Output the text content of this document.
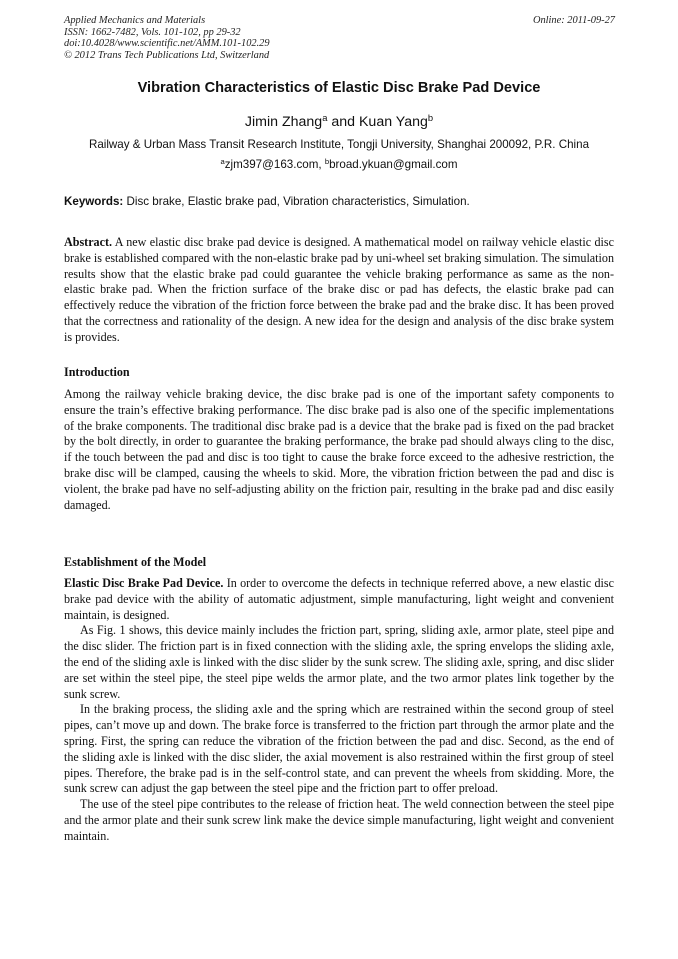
Applied Mechanics and Materials
ISSN: 1662-7482, Vols. 101-102, pp 29-32
doi:10.4028/www.scientific.net/AMM.101-102.29
© 2012 Trans Tech Publications Ltd, Switzerland
Online: 2011-09-27
Vibration Characteristics of Elastic Disc Brake Pad Device
Jimin Zhang$^a$ and Kuan Yang$^b$
Railway & Urban Mass Transit Research Institute, Tongji University, Shanghai 200092, P.R. China
$^a$zjm397@163.com, $^b$broad.ykuan@gmail.com
Keywords: Disc brake, Elastic brake pad, Vibration characteristics, Simulation.

Abstract. A new elastic disc brake pad device is designed. A mathematical model on railway vehicle elastic disc brake is established compared with the non-elastic brake pad by uni-wheel set braking simulation. The simulation results show that the elastic brake pad could guarantee the vehicle braking performance as same as the non-elastic brake pad. When the friction surface of the brake disc or pad has defects, the elastic brake pad can effectively reduce the vibration of the friction force between the brake pad and the brake disc. It has been proved that the correctness and rationality of the design. A new idea for the design and analysis of the disc brake system is provides.

Introduction

Among the railway vehicle braking device, the disc brake pad is one of the important safety components to ensure the train’s effective braking performance. The disc brake pad is also one of the specific implementations of the brake components. The traditional disc brake pad is a device that the brake pad is fixed on the pad bracket by the bolt directly, in order to guarantee the braking performance, the brake pad should always cling to the disc, if the touch between the pad and disc is too tight to cause the brake force exceed to the adhesive restriction, the brake disc will be clamped, causing the wheels to skid. More, the vibration friction between the pad and disc is violent, the brake pad have no self-adjusting ability on the friction pair, resulting in the brake pad and disc easily damaged.

Establishment of the Model

Elastic Disc Brake Pad Device. In order to overcome the defects in technique referred above, a new elastic disc brake pad device with the ability of automatic adjustment, simple manufacturing, light weight and convenient maintain, is designed.

As Fig. 1 shows, this device mainly includes the friction part, spring, sliding axle, armor plate, steel pipe and the disc slider. The friction part is in fixed connection with the sliding axle, the spring envelops the sliding axle, the end of the sliding axle is linked with the disc slider by the sunk screw. The sliding axle, spring, and disc slider are set within the steel pipe, the steel pipe welds the armor plate, and the two armor plates link together by the sunk screw.

In the braking process, the sliding axle and the spring which are restrained within the second group of steel pipes, can’t move up and down. The brake force is transferred to the friction part through the armor plate and the spring. First, the spring can reduce the vibration of the friction between the pad and disc. Second, as the end of the sliding axle is linked with the disc slider, the axial movement is also restrained within the first group of steel pipes. Therefore, the brake pad is in the self-control state, and can prevent the wheels from skidding. More, the sunk screw can adjust the gap between the steel pipe and the friction part to offer preload.

The use of the steel pipe contributes to the release of friction heat. The weld connection between the steel pipe and the armor plate and their sunk screw link make the device simple manufacturing, light weight and convenient maintain.
